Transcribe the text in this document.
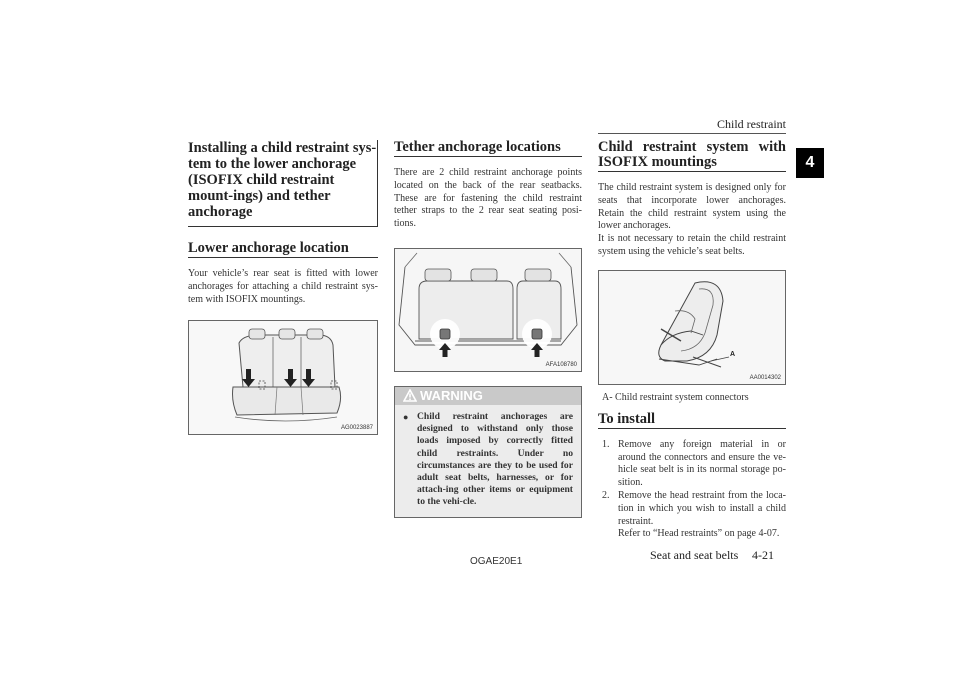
Child restraint
4
Installing a child restraint sys-tem to the lower anchorage (ISOFIX child restraint mount-ings) and tether anchorage
Lower anchorage location

Your vehicle’s rear seat is fitted with lower anchorages for attaching a child restraint sys-tem with ISOFIX mountings.

AG0023887
Tether anchorage locations

There are 2 child restraint anchorage points located on the back of the rear seatbacks. These are for fastening the child restraint tether straps to the 2 rear seat seating posi-tions.

AFA108780
WARNING
● Child restraint anchorages are designed to withstand only those loads imposed by correctly fitted child restraints. Under no circumstances are they to be used for adult seat belts, harnesses, or for attach-ing other items or equipment to the vehi-cle.

Child restraint system with ISOFIX mountings

The child restraint system is designed only for seats that incorporate lower anchorages. Retain the child restraint system using the lower anchorages.

It is not necessary to retain the child restraint system using the vehicle’s seat belts.

A
AA0014302
A- Child restraint system connectors
To install
1. Remove any foreign material in or around the connectors and ensure the ve-hicle seat belt is in its normal storage po-sition.
2. Remove the head restraint from the loca-tion in which you wish to install a child restraint.
Refer to “Head restraints” on page 4-07.
OGAE20E1	Seat and seat belts 4-21
